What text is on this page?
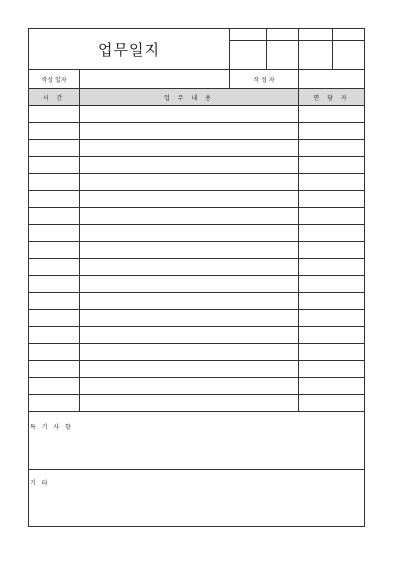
업무일지
작성 일자	작 성 자
시 간	업 무 내 용	면 담 자
특 기 사 항
기 타
